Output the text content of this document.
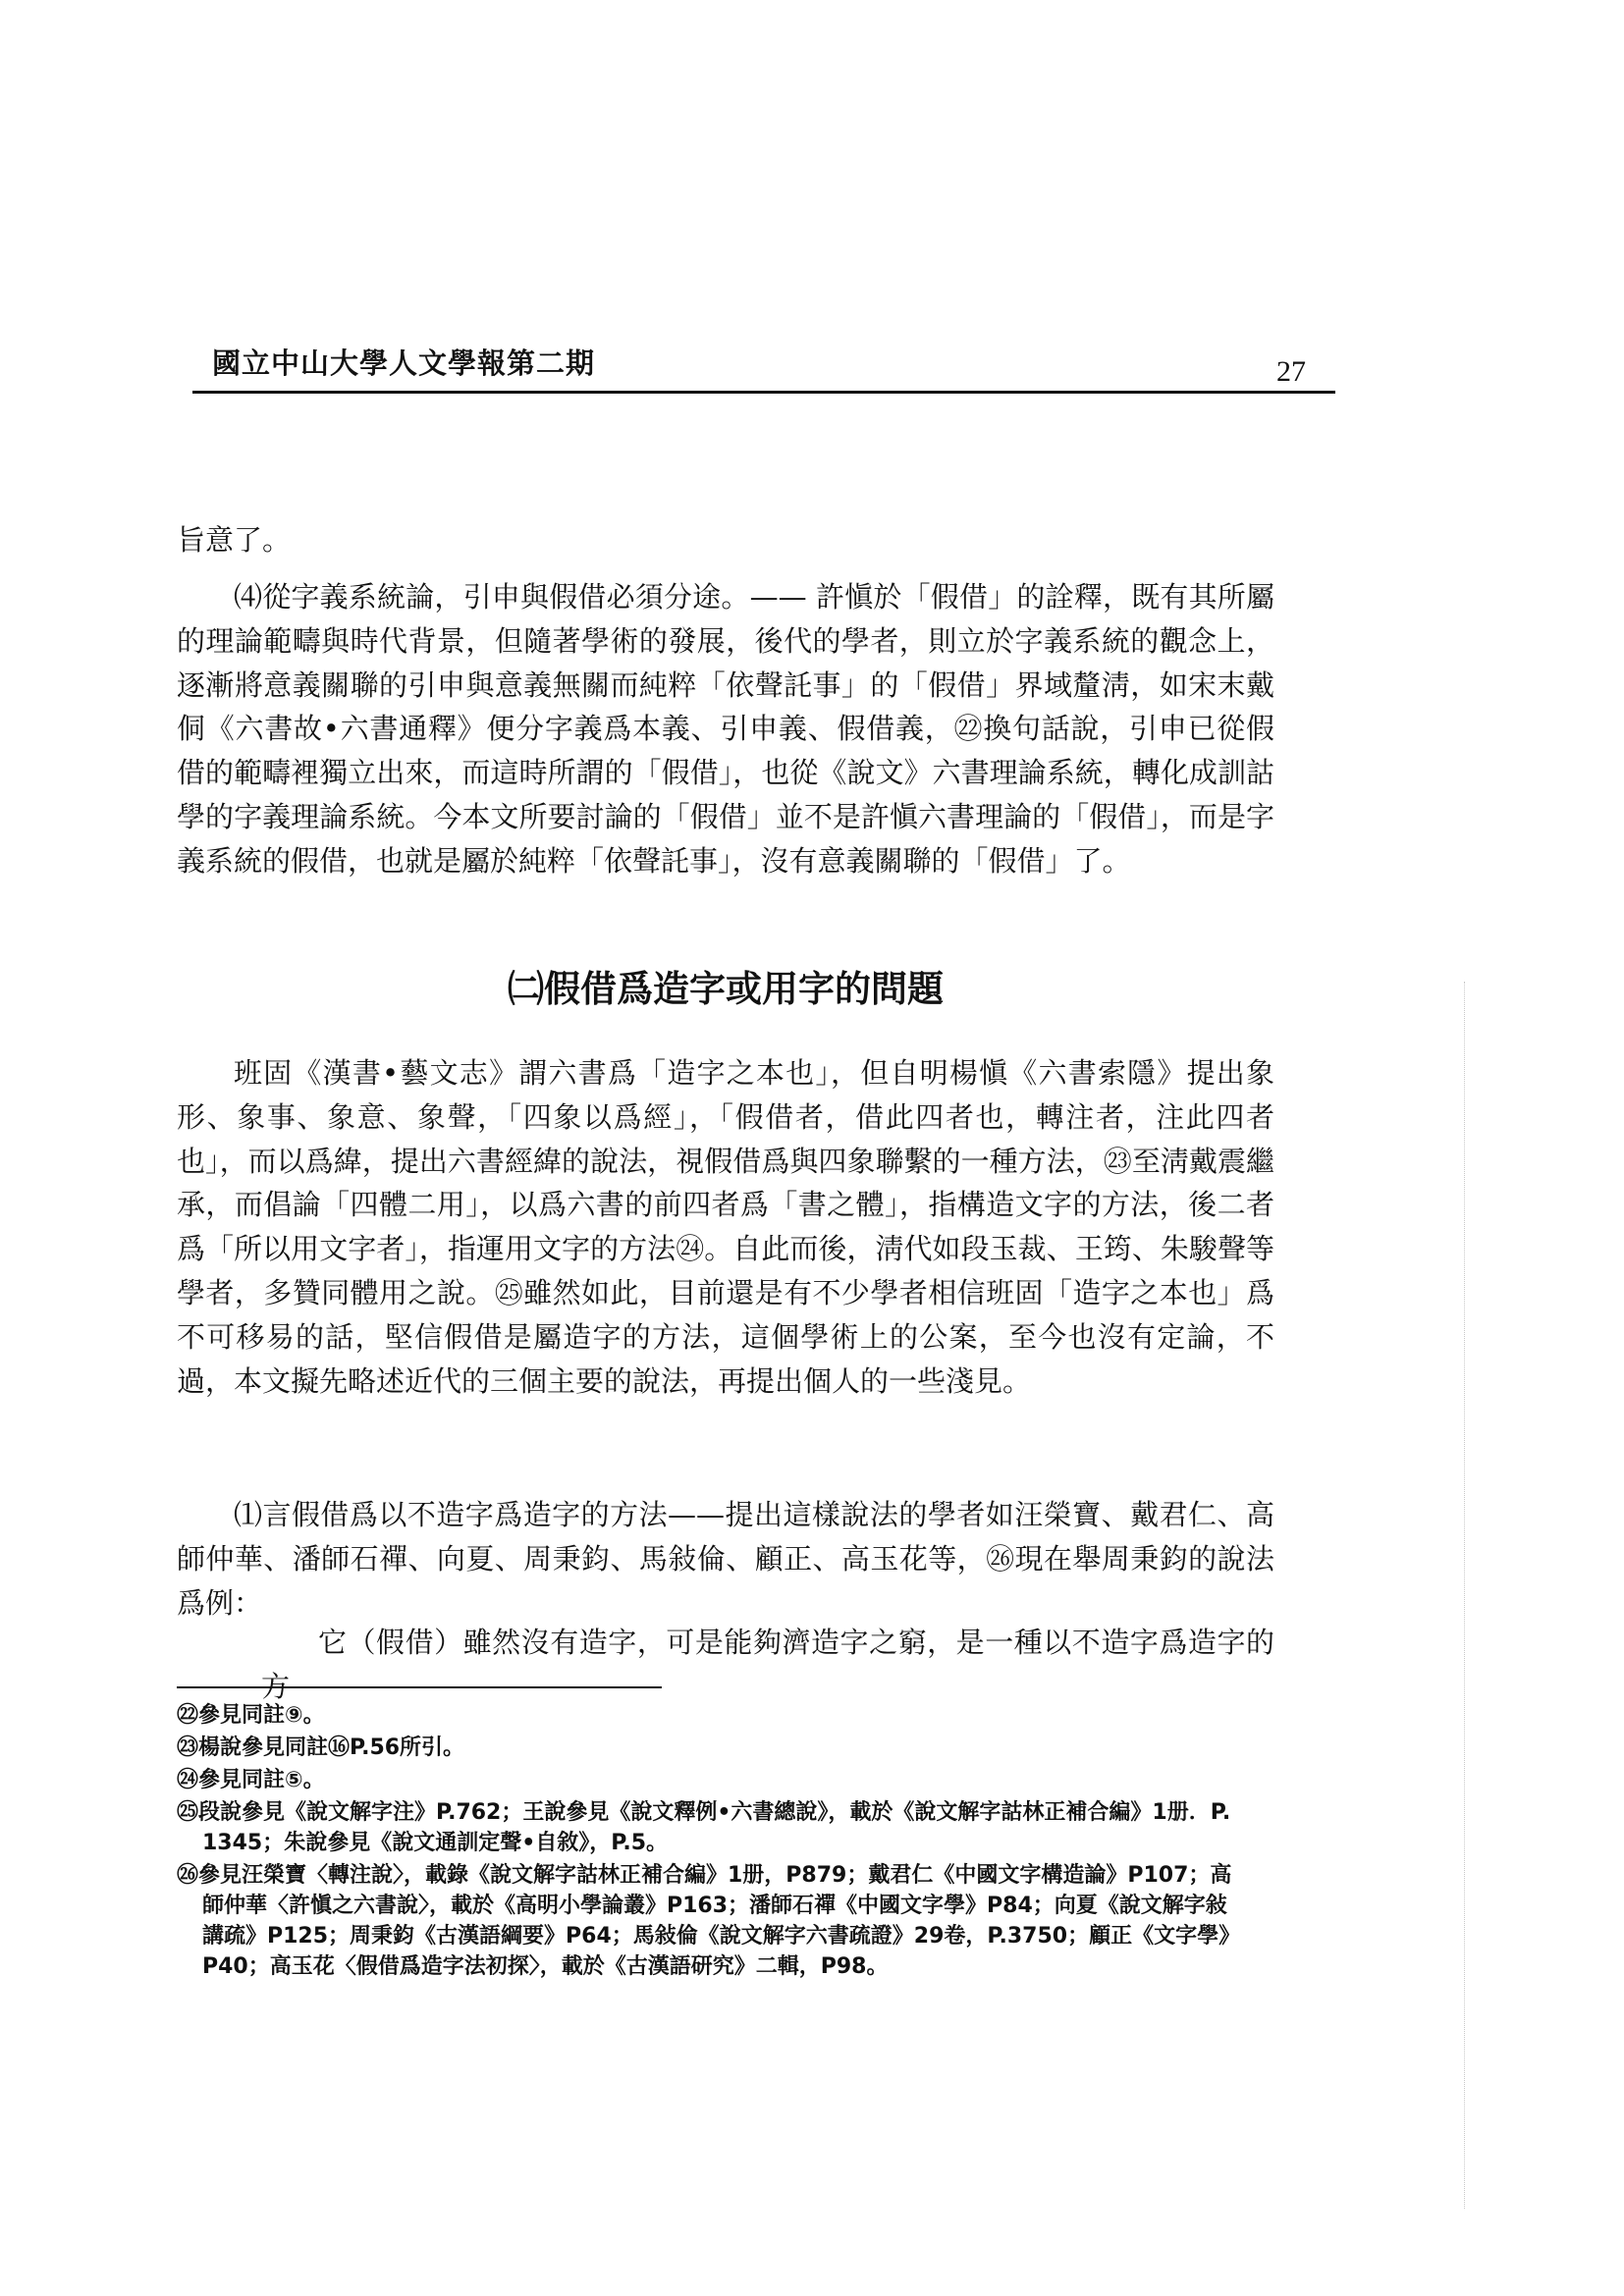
國立中山大學人文學報第二期	27

旨意了。

⑷從字義系統論，引申與假借必須分途。—— 許愼於「假借」的詮釋，既有其所屬的理論範疇與時代背景，但隨著學術的發展，後代的學者，則立於字義系統的觀念上，逐漸將意義關聯的引申與意義無關而純粹「依聲託事」的「假借」界域釐淸，如宋末戴侗《六書故•六書通釋》便分字義爲本義、引申義、假借義，㉒換句話說，引申已從假借的範疇裡獨立出來，而這時所謂的「假借」，也從《說文》六書理論系統，轉化成訓詁學的字義理論系統。今本文所要討論的「假借」並不是許愼六書理論的「假借」，而是字義系統的假借，也就是屬於純粹「依聲託事」，沒有意義關聯的「假借」了。

㈡假借爲造字或用字的問題

班固《漢書•藝文志》謂六書爲「造字之本也」，但自明楊愼《六書索隱》提出象形、象事、象意、象聲，「四象以爲經」，「假借者，借此四者也，轉注者，注此四者也」，而以爲緯，提出六書經緯的說法，視假借爲與四象聯繫的一種方法，㉓至淸戴震繼承，而倡論「四體二用」，以爲六書的前四者爲「書之體」，指構造文字的方法，後二者爲「所以用文字者」，指運用文字的方法㉔。自此而後，淸代如段玉裁、王筠、朱駿聲等學者，多贊同體用之說。㉕雖然如此，目前還是有不少學者相信班固「造字之本也」爲不可移易的話，堅信假借是屬造字的方法，這個學術上的公案，至今也沒有定論，不過，本文擬先略述近代的三個主要的說法，再提出個人的一些淺見。

⑴言假借爲以不造字爲造字的方法——提出這樣說法的學者如汪榮寶、戴君仁、高師仲華、潘師石禪、向夏、周秉鈞、馬敍倫、顧正、高玉花等，㉖現在舉周秉鈞的說法爲例：

它（假借）雖然沒有造字，可是能夠濟造字之窮，是一種以不造字爲造字的方

㉒參見同註⑨。
㉓楊說參見同註⑯P.56所引。
㉔參見同註⑤。
㉕段說參見《說文解字注》P.762；王說參見《說文釋例•六書總說》，載於《說文解字詁林正補合編》1册．P.1345；朱說參見《說文通訓定聲•自敘》，P.5。
㉖參見汪榮寶〈轉注說〉，載錄《說文解字詁林正補合編》1册，P879；戴君仁《中國文字構造論》P107；高師仲華〈許愼之六書說〉，載於《高明小學論叢》P163；潘師石禪《中國文字學》P84；向夏《說文解字敍講疏》P125；周秉鈞《古漢語綱要》P64；馬敍倫《說文解字六書疏證》29卷，P.3750；顧正《文字學》P40；高玉花〈假借爲造字法初探〉，載於《古漢語研究》二輯，P98。
